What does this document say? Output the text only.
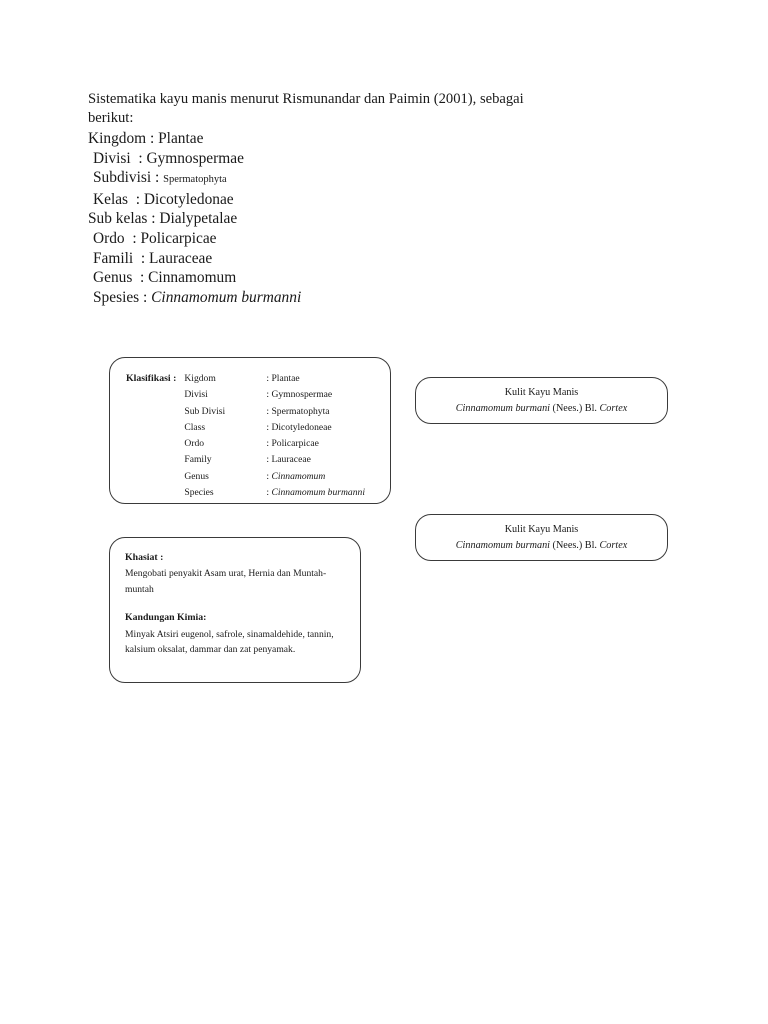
Sistematika kayu manis menurut Rismunandar dan Paimin (2001), sebagai berikut:

Kingdom : Plantae
Divisi  : Gymnospermae
Subdivisi : Spermatophyta
Kelas  : Dicotyledonae
Sub kelas : Dialypetalae
Ordo  : Policarpicae
Famili  : Lauraceae
Genus  : Cinnamomum
Spesies : Cinnamomum burmanni
Klasifikasi :	Kigdom	: Plantae
	Divisi	: Gymnospermae
	Sub Divisi	: Spermatophyta
	Class	: Dicotyledoneae
	Ordo	: Policarpicae
	Family	: Lauraceae
	Genus	: Cinnamomum
	Species	: Cinnamomum burmanni
Khasiat :

Mengobati penyakit Asam urat, Hernia dan Muntah-muntah

Kandungan Kimia:

Minyak Atsiri eugenol, safrole, sinamaldehide, tannin, kalsium oksalat, dammar dan zat penyamak.

Kulit Kayu Manis
Cinnamomum burmani (Nees.) Bl. Cortex
Kulit Kayu Manis
Cinnamomum burmani (Nees.) Bl. Cortex
